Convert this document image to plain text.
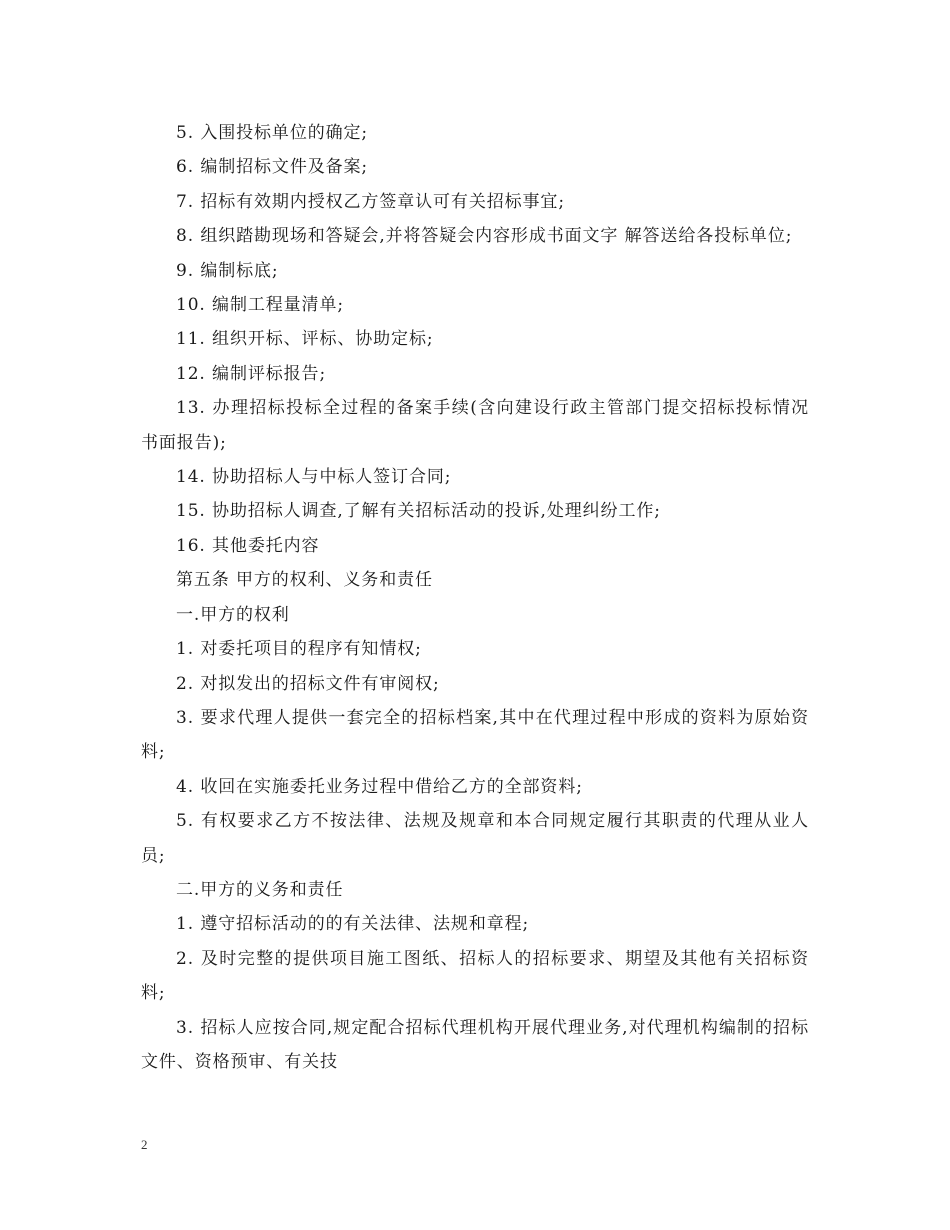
5. 入围投标单位的确定;

6. 编制招标文件及备案;

7. 招标有效期内授权乙方签章认可有关招标事宜;

8. 组织踏勘现场和答疑会,并将答疑会内容形成书面文字 解答送给各投标单位;

9. 编制标底;

10. 编制工程量清单;

11. 组织开标、评标、协助定标;

12. 编制评标报告;

13. 办理招标投标全过程的备案手续(含向建设行政主管部门提交招标投标情况书面报告);

14. 协助招标人与中标人签订合同;

15. 协助招标人调查,了解有关招标活动的投诉,处理纠纷工作;

16. 其他委托内容

第五条 甲方的权利、义务和责任

一.甲方的权利

1. 对委托项目的程序有知情权;

2. 对拟发出的招标文件有审阅权;

3. 要求代理人提供一套完全的招标档案,其中在代理过程中形成的资料为原始资料;

4. 收回在实施委托业务过程中借给乙方的全部资料;

5. 有权要求乙方不按法律、法规及规章和本合同规定履行其职责的代理从业人员;

二.甲方的义务和责任

1. 遵守招标活动的的有关法律、法规和章程;

2. 及时完整的提供项目施工图纸、招标人的招标要求、期望及其他有关招标资料;

3. 招标人应按合同,规定配合招标代理机构开展代理业务,对代理机构编制的招标文件、资格预审、有关技

2
